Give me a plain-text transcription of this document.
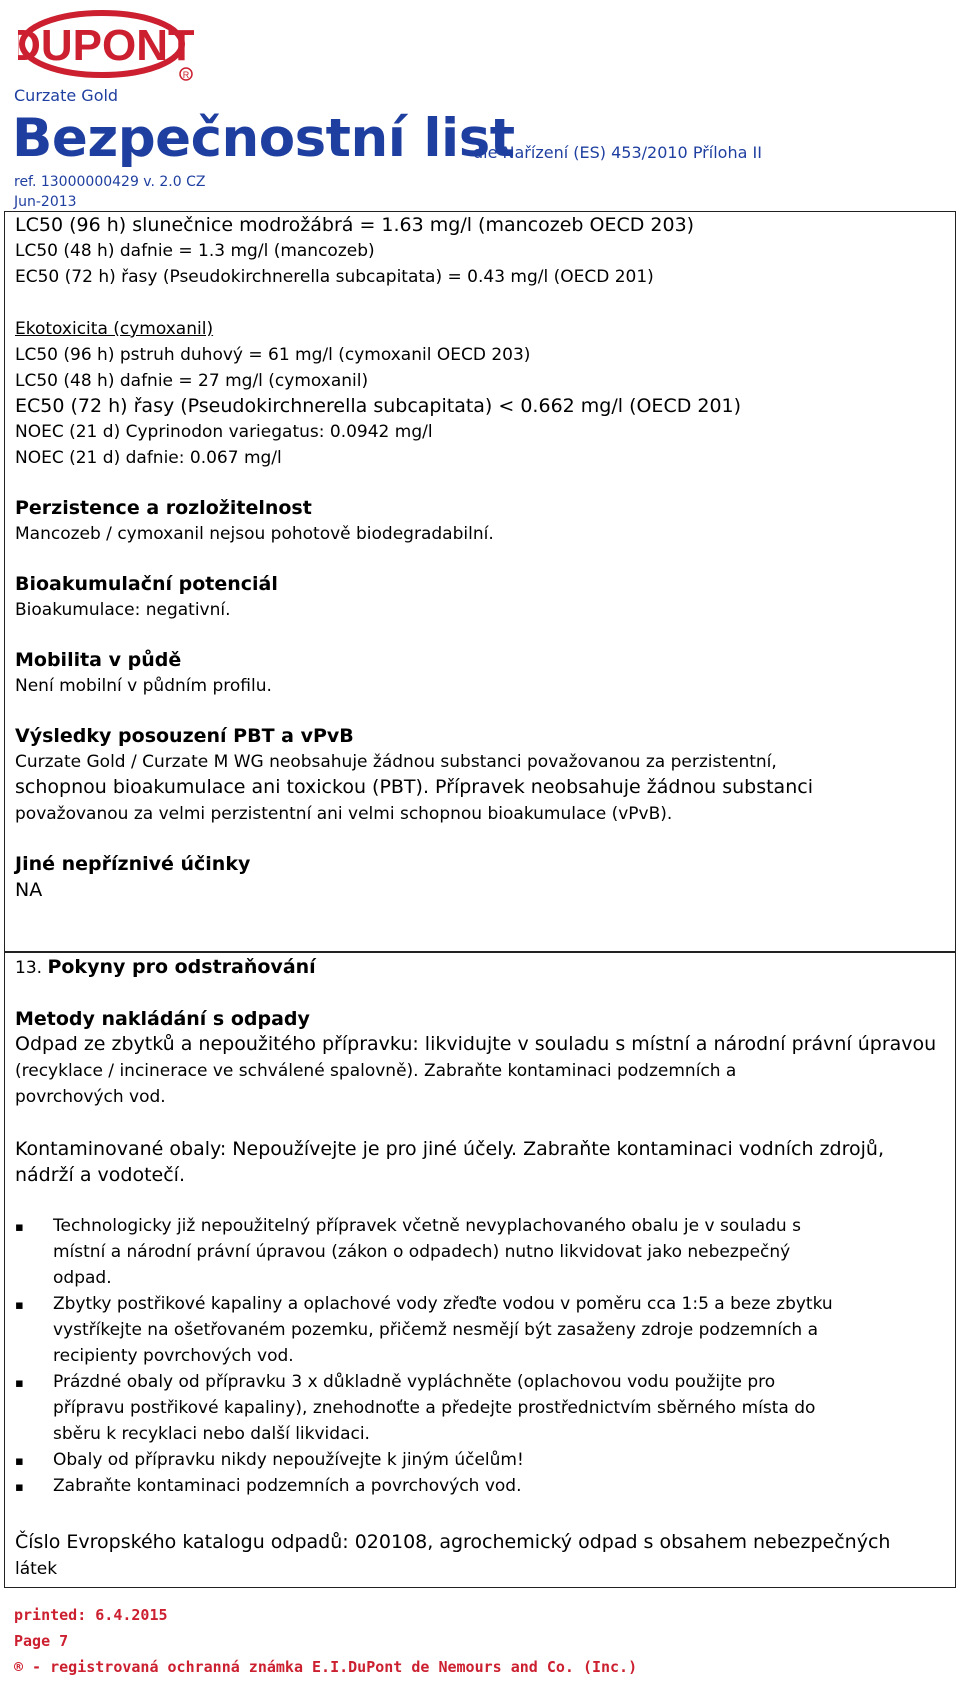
DUPONT
R
Curzate Gold
Bezpečnostní list
dle Nařízení (ES) 453/2010 Příloha II
ref. 13000000429 v. 2.0 CZ
Jun-2013
LC50 (96 h) slunečnice modrožábrá = 1.63 mg/l (mancozeb OECD 203)
LC50 (48 h) dafnie = 1.3 mg/l (mancozeb)
EC50 (72 h) řasy (Pseudokirchnerella subcapitata) = 0.43 mg/l (OECD 201)
Ekotoxicita (cymoxanil)
LC50 (96 h) pstruh duhový = 61 mg/l (cymoxanil OECD 203)
LC50 (48 h) dafnie = 27 mg/l (cymoxanil)
EC50 (72 h) řasy (Pseudokirchnerella subcapitata) < 0.662 mg/l (OECD 201)
NOEC (21 d) Cyprinodon variegatus: 0.0942 mg/l
NOEC (21 d) dafnie: 0.067 mg/l
Perzistence a rozložitelnost
Mancozeb / cymoxanil nejsou pohotově biodegradabilní.
Bioakumulační potenciál
Bioakumulace: negativní.
Mobilita v půdě
Není mobilní v půdním profilu.
Výsledky posouzení PBT a vPvB
Curzate Gold / Curzate M WG neobsahuje žádnou substanci považovanou za perzistentní,
schopnou bioakumulace ani toxickou (PBT). Přípravek neobsahuje žádnou substanci
považovanou za velmi perzistentní ani velmi schopnou bioakumulace (vPvB).
Jiné nepříznivé účinky
NA
13. Pokyny pro odstraňování
Metody nakládání s odpady
Odpad ze zbytků a nepoužitého přípravku: likvidujte v souladu s místní a národní právní úpravou
(recyklace / incinerace ve schválené spalovně). Zabraňte kontaminaci podzemních a
povrchových vod.
Kontaminované obaly: Nepoužívejte je pro jiné účely. Zabraňte kontaminaci vodních zdrojů,
nádrží a vodotečí.
▪ Technologicky již nepoužitelný přípravek včetně nevyplachovaného obalu je v souladu s
místní a národní právní úpravou (zákon o odpadech) nutno likvidovat jako nebezpečný
odpad.
▪ Zbytky postřikové kapaliny a oplachové vody zřeďte vodou v poměru cca 1:5 a beze zbytku
vystříkejte na ošetřovaném pozemku, přičemž nesmějí být zasaženy zdroje podzemních a
recipienty povrchových vod.
▪ Prázdné obaly od přípravku 3 x důkladně vypláchněte (oplachovou vodu použijte pro
přípravu postřikové kapaliny), znehodnoťte a předejte prostřednictvím sběrného místa do
sběru k recyklaci nebo další likvidaci.
▪ Obaly od přípravku nikdy nepoužívejte k jiným účelům!
▪ Zabraňte kontaminaci podzemních a povrchových vod.
Číslo Evropského katalogu odpadů: 020108, agrochemický odpad s obsahem nebezpečných
látek
printed: 6.4.2015
Page 7
® - registrovaná ochranná známka E.I.DuPont de Nemours and Co. (Inc.)
